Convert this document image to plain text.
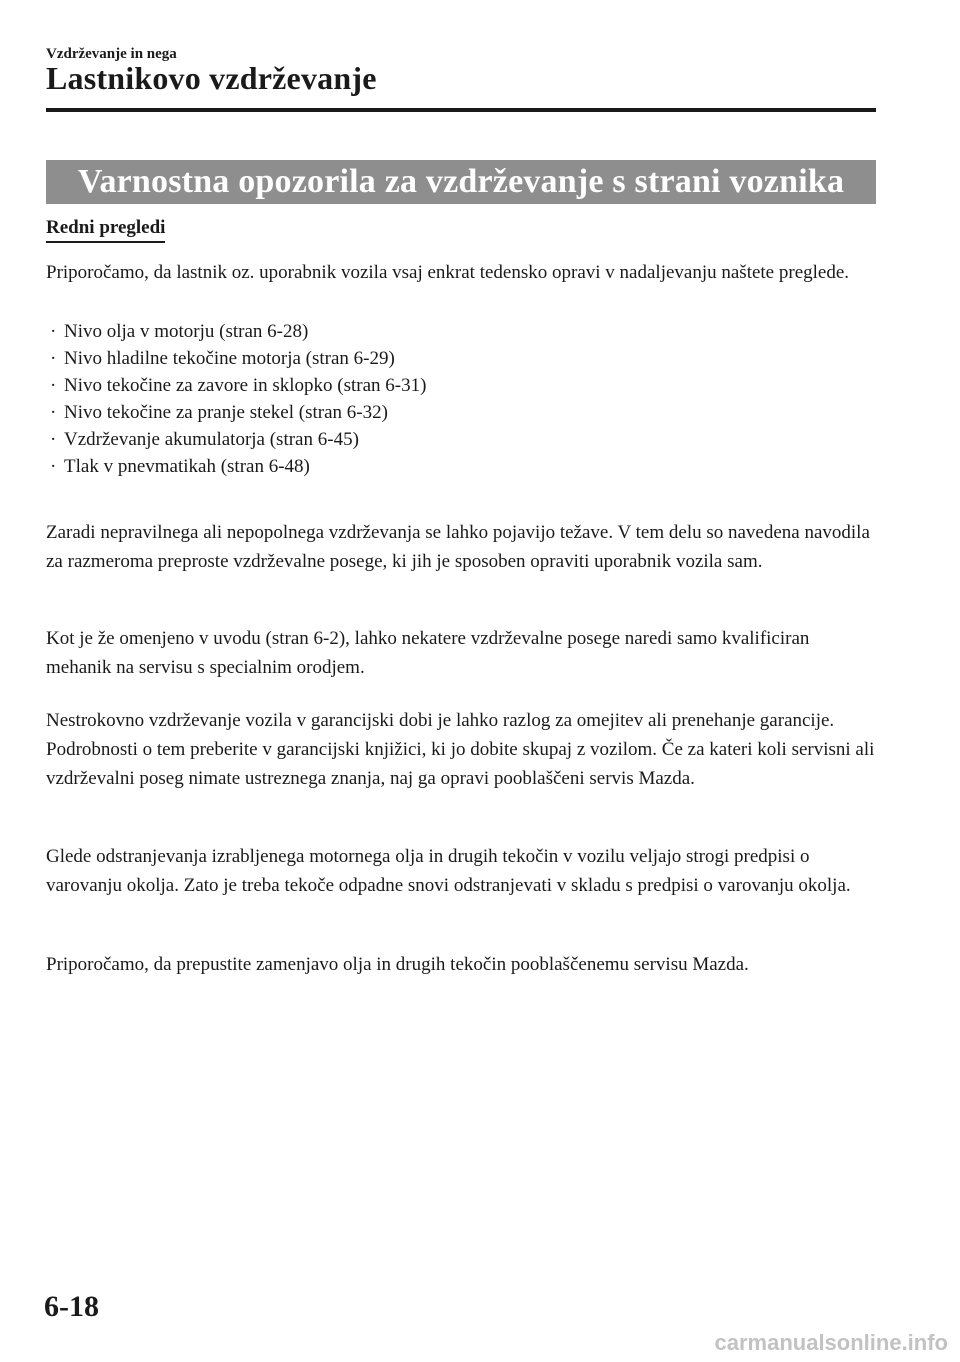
Vzdrževanje in nega
Lastnikovo vzdrževanje
Varnostna opozorila za vzdrževanje s strani voznika
Redni pregledi
Priporočamo, da lastnik oz. uporabnik vozila vsaj enkrat tedensko opravi v nadaljevanju naštete preglede.
· Nivo olja v motorju (stran 6-28)
· Nivo hladilne tekočine motorja (stran 6-29)
· Nivo tekočine za zavore in sklopko (stran 6-31)
· Nivo tekočine za pranje stekel (stran 6-32)
· Vzdrževanje akumulatorja (stran 6-45)
· Tlak v pnevmatikah (stran 6-48)
Zaradi nepravilnega ali nepopolnega vzdrževanja se lahko pojavijo težave. V tem delu so navedena navodila za razmeroma preproste vzdrževalne posege, ki jih je sposoben opraviti uporabnik vozila sam.
Kot je že omenjeno v uvodu (stran 6-2), lahko nekatere vzdrževalne posege naredi samo kvalificiran mehanik na servisu s specialnim orodjem.
Nestrokovno vzdrževanje vozila v garancijski dobi je lahko razlog za omejitev ali prenehanje garancije. Podrobnosti o tem preberite v garancijski knjižici, ki jo dobite skupaj z vozilom. Če za kateri koli servisni ali vzdrževalni poseg nimate ustreznega znanja, naj ga opravi pooblaščeni servis Mazda.
Glede odstranjevanja izrabljenega motornega olja in drugih tekočin v vozilu veljajo strogi predpisi o varovanju okolja. Zato je treba tekoče odpadne snovi odstranjevati v skladu s predpisi o varovanju okolja.
Priporočamo, da prepustite zamenjavo olja in drugih tekočin pooblaščenemu servisu Mazda.
6-18
carmanualsonline.info
